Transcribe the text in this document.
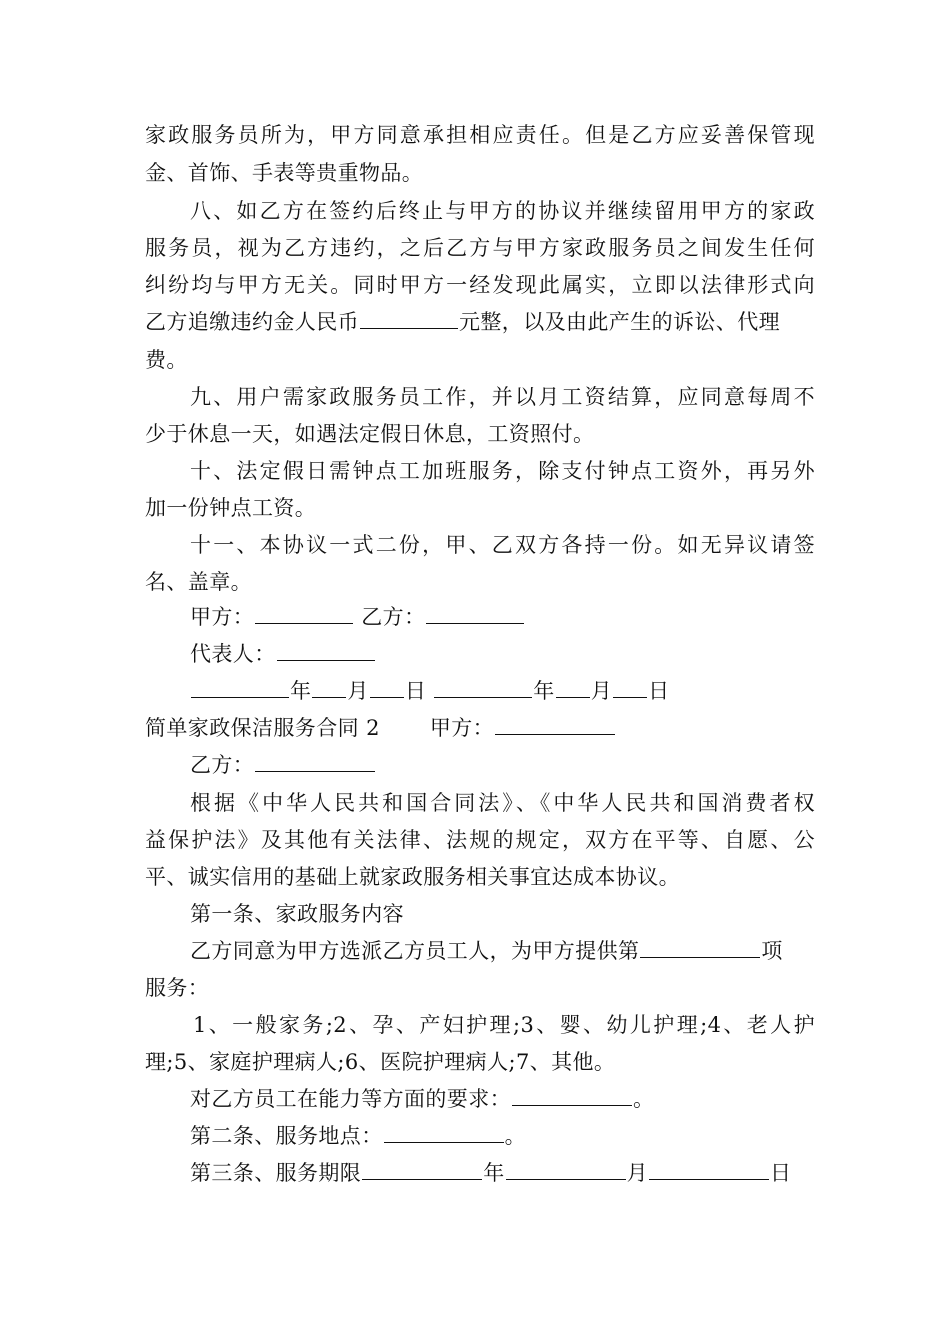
家政服务员所为，甲方同意承担相应责任。但是乙方应妥善保管现
金、首饰、手表等贵重物品。
八、如乙方在签约后终止与甲方的协议并继续留用甲方的家政
服务员，视为乙方违约，之后乙方与甲方家政服务员之间发生任何
纠纷均与甲方无关。同时甲方一经发现此属实，立即以法律形式向
乙方追缴违约金人民币	元整，以及由此产生的诉讼、代理
费。
九、用户需家政服务员工作，并以月工资结算，应同意每周不
少于休息一天，如遇法定假日休息，工资照付。
十、法定假日需钟点工加班服务，除支付钟点工资外，再另外
加一份钟点工资。
十一、本协议一式二份，甲、乙双方各持一份。如无异议请签
名、盖章。
甲方：	乙方：
代表人：
年 月 日	年 月 日
简单家政保洁服务合同 2 甲方：
乙方：
根据《中华人民共和国合同法》、《中华人民共和国消费者权
益保护法》及其他有关法律、法规的规定，双方在平等、自愿、公
平、诚实信用的基础上就家政服务相关事宜达成本协议。
第一条、家政服务内容
乙方同意为甲方选派乙方员工人，为甲方提供第	项
服务：
1、一般家务;2、孕、产妇护理;3、婴、幼儿护理;4、老人护
理;5、家庭护理病人;6、医院护理病人;7、其他。
对乙方员工在能力等方面的要求：	。
第二条、服务地点：	。
第三条、服务期限	年	月	日
